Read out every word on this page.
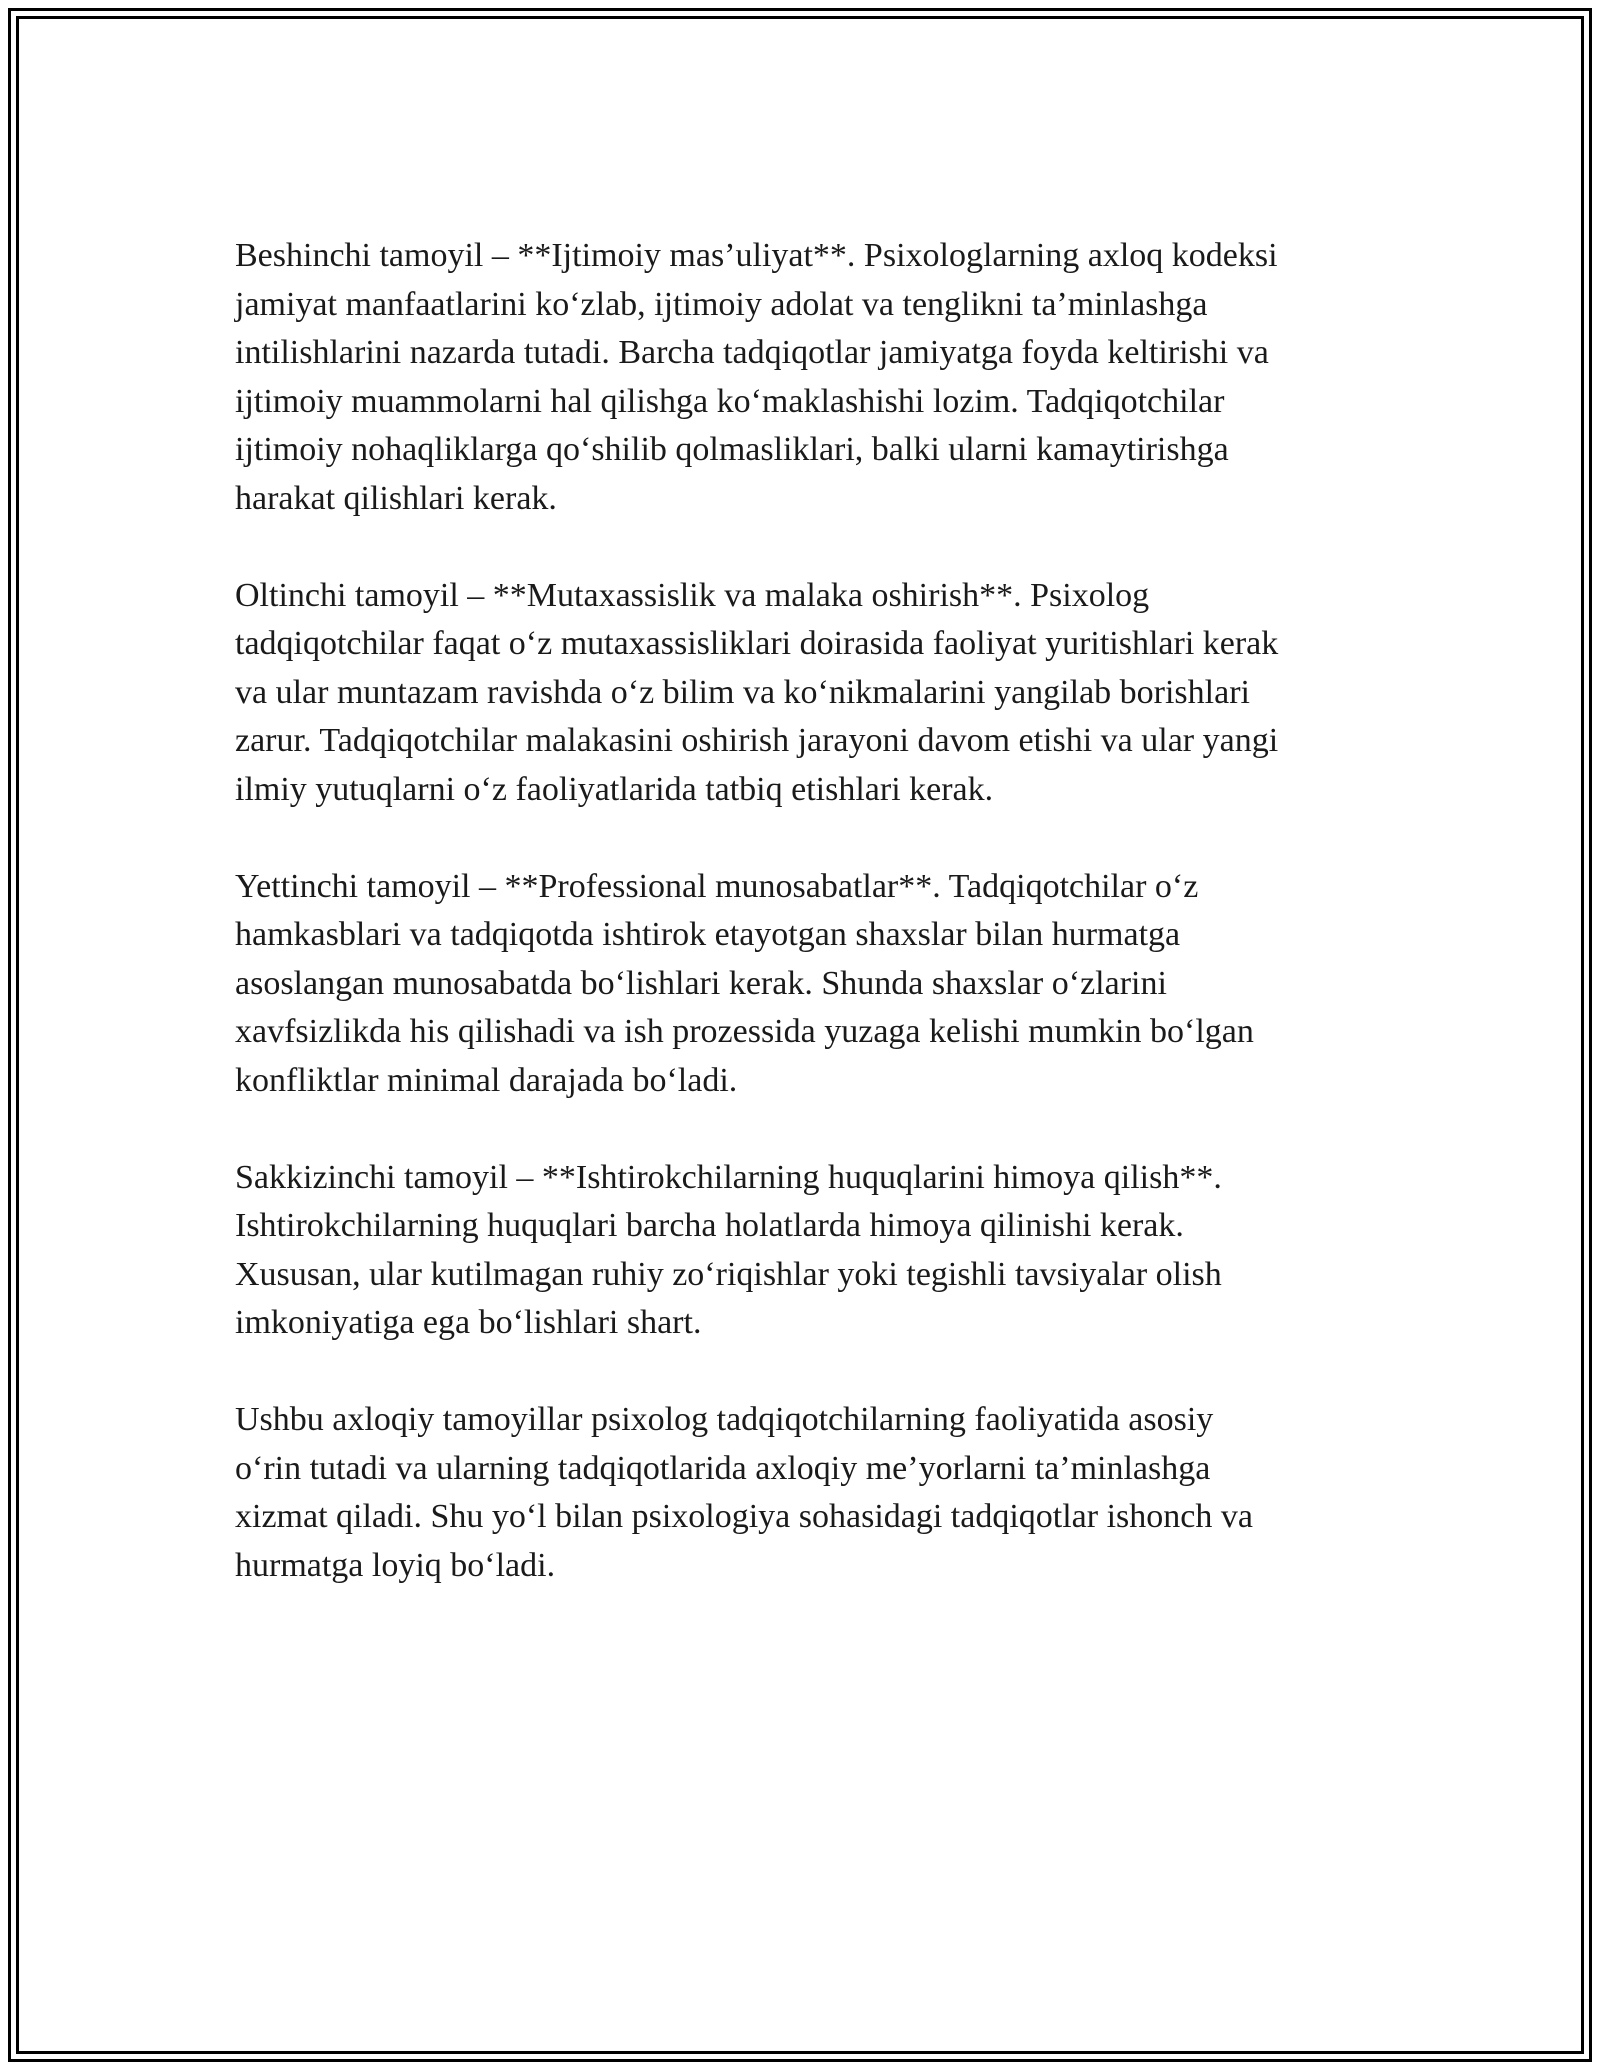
Beshinchi tamoyil – **Ijtimoiy mas’uliyat**. Psixologlarning axloq kodeksi
jamiyat manfaatlarini ko‘zlab, ijtimoiy adolat va tenglikni ta’minlashga
intilishlarini nazarda tutadi. Barcha tadqiqotlar jamiyatga foyda keltirishi va
ijtimoiy muammolarni hal qilishga ko‘maklashishi lozim. Tadqiqotchilar
ijtimoiy nohaqliklarga qo‘shilib qolmasliklari, balki ularni kamaytirishga
harakat qilishlari kerak.

Oltinchi tamoyil – **Mutaxassislik va malaka oshirish**. Psixolog
tadqiqotchilar faqat o‘z mutaxassisliklari doirasida faoliyat yuritishlari kerak
va ular muntazam ravishda o‘z bilim va ko‘nikmalarini yangilab borishlari
zarur. Tadqiqotchilar malakasini oshirish jarayoni davom etishi va ular yangi
ilmiy yutuqlarni o‘z faoliyatlarida tatbiq etishlari kerak.

Yettinchi tamoyil – **Professional munosabatlar**. Tadqiqotchilar o‘z
hamkasblari va tadqiqotda ishtirok etayotgan shaxslar bilan hurmatga
asoslangan munosabatda bo‘lishlari kerak. Shunda shaxslar o‘zlarini
xavfsizlikda his qilishadi va ish prozessida yuzaga kelishi mumkin bo‘lgan
konfliktlar minimal darajada bo‘ladi.

Sakkizinchi tamoyil – **Ishtirokchilarning huquqlarini himoya qilish**.
Ishtirokchilarning huquqlari barcha holatlarda himoya qilinishi kerak.
Xususan, ular kutilmagan ruhiy zo‘riqishlar yoki tegishli tavsiyalar olish
imkoniyatiga ega bo‘lishlari shart.

Ushbu axloqiy tamoyillar psixolog tadqiqotchilarning faoliyatida asosiy
o‘rin tutadi va ularning tadqiqotlarida axloqiy me’yorlarni ta’minlashga
xizmat qiladi. Shu yo‘l bilan psixologiya sohasidagi tadqiqotlar ishonch va
hurmatga loyiq bo‘ladi.
